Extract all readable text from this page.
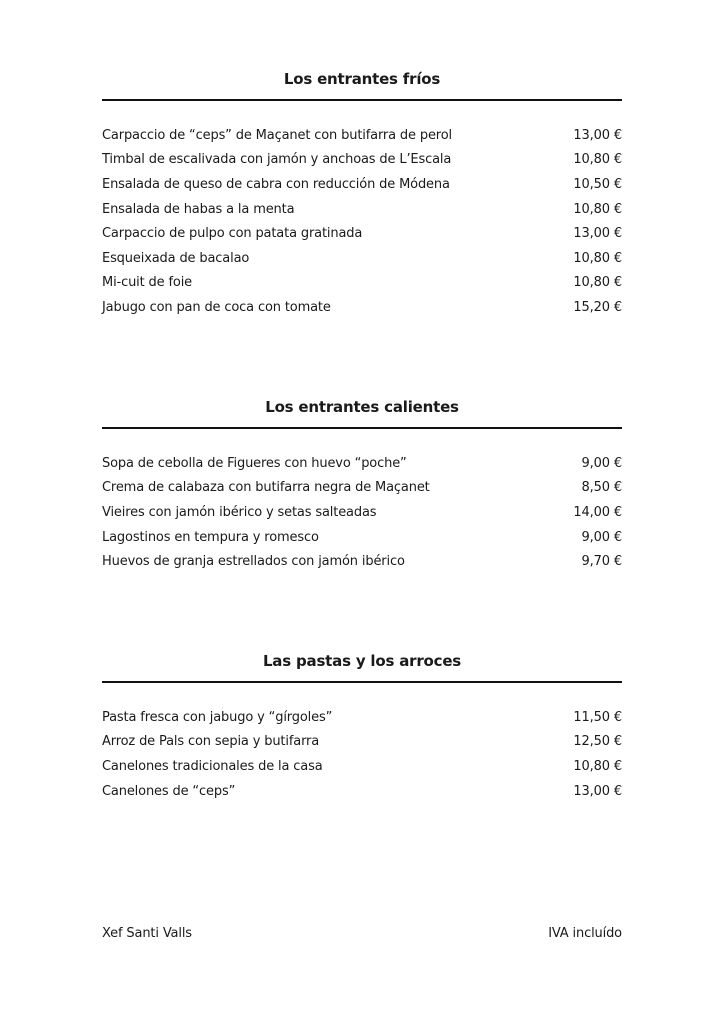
Los entrantes fríos
Carpaccio de “ceps” de Maçanet con butifarra de perol	13,00 €
Timbal de escalivada con jamón y anchoas de L’Escala	10,80 €
Ensalada de queso de cabra con reducción de Módena	10,50 €
Ensalada de habas a la menta	10,80 €
Carpaccio de pulpo con patata gratinada	13,00 €
Esqueixada de bacalao	10,80 €
Mi-cuit de foie	10,80 €
Jabugo con pan de coca con tomate	15,20 €
Los entrantes calientes
Sopa de cebolla de Figueres con huevo “poche”	9,00 €
Crema de calabaza con butifarra negra de Maçanet	8,50 €
Vieires con jamón ibérico y setas salteadas	14,00 €
Lagostinos en tempura y romesco	9,00 €
Huevos de granja estrellados con jamón ibérico	9,70 €
Las pastas y los arroces
Pasta fresca con jabugo y “gírgoles”	11,50 €
Arroz de Pals con sepia y butifarra	12,50 €
Canelones tradicionales de la casa	10,80 €
Canelones de “ceps”	13,00 €
Xef Santi Valls	IVA incluído
